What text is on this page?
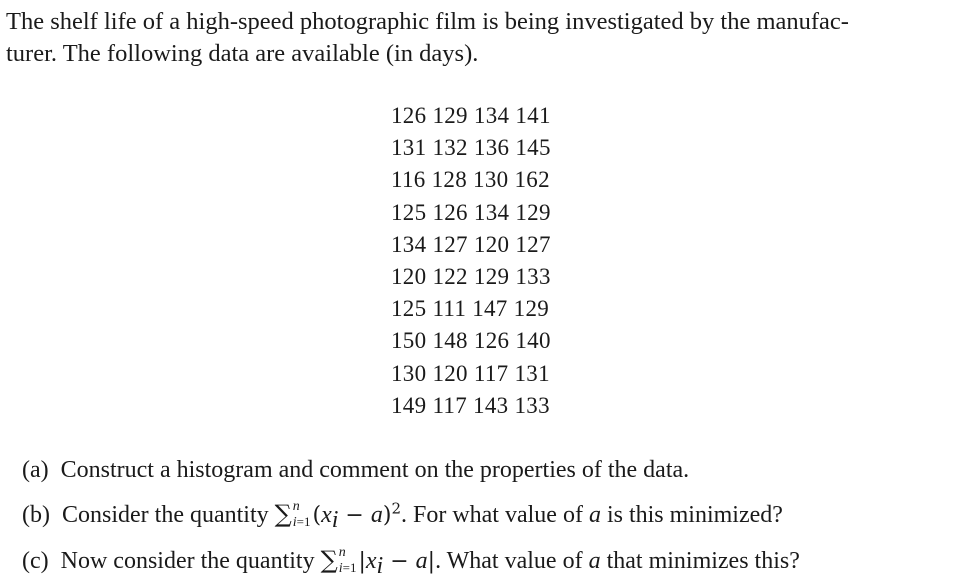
The shelf life of a high-speed photographic film is being investigated by the manufac-
turer. The following data are available (in days).
126 129 134 141
131 132 136 145
116 128 130 162
125 126 134 129
134 127 120 127
120 122 129 133
125 111 147 129
150 148 126 140
130 120 117 131
149 117 143 133
(a) Construct a histogram and comment on the properties of the data.
(b) Consider the quantity ∑ n
i=1 $(x_i - a)^2$. For what value of a is this minimized?
(c) Now consider the quantity ∑ n
i=1 $|x_i - a|$. What value of a that minimizes this?
